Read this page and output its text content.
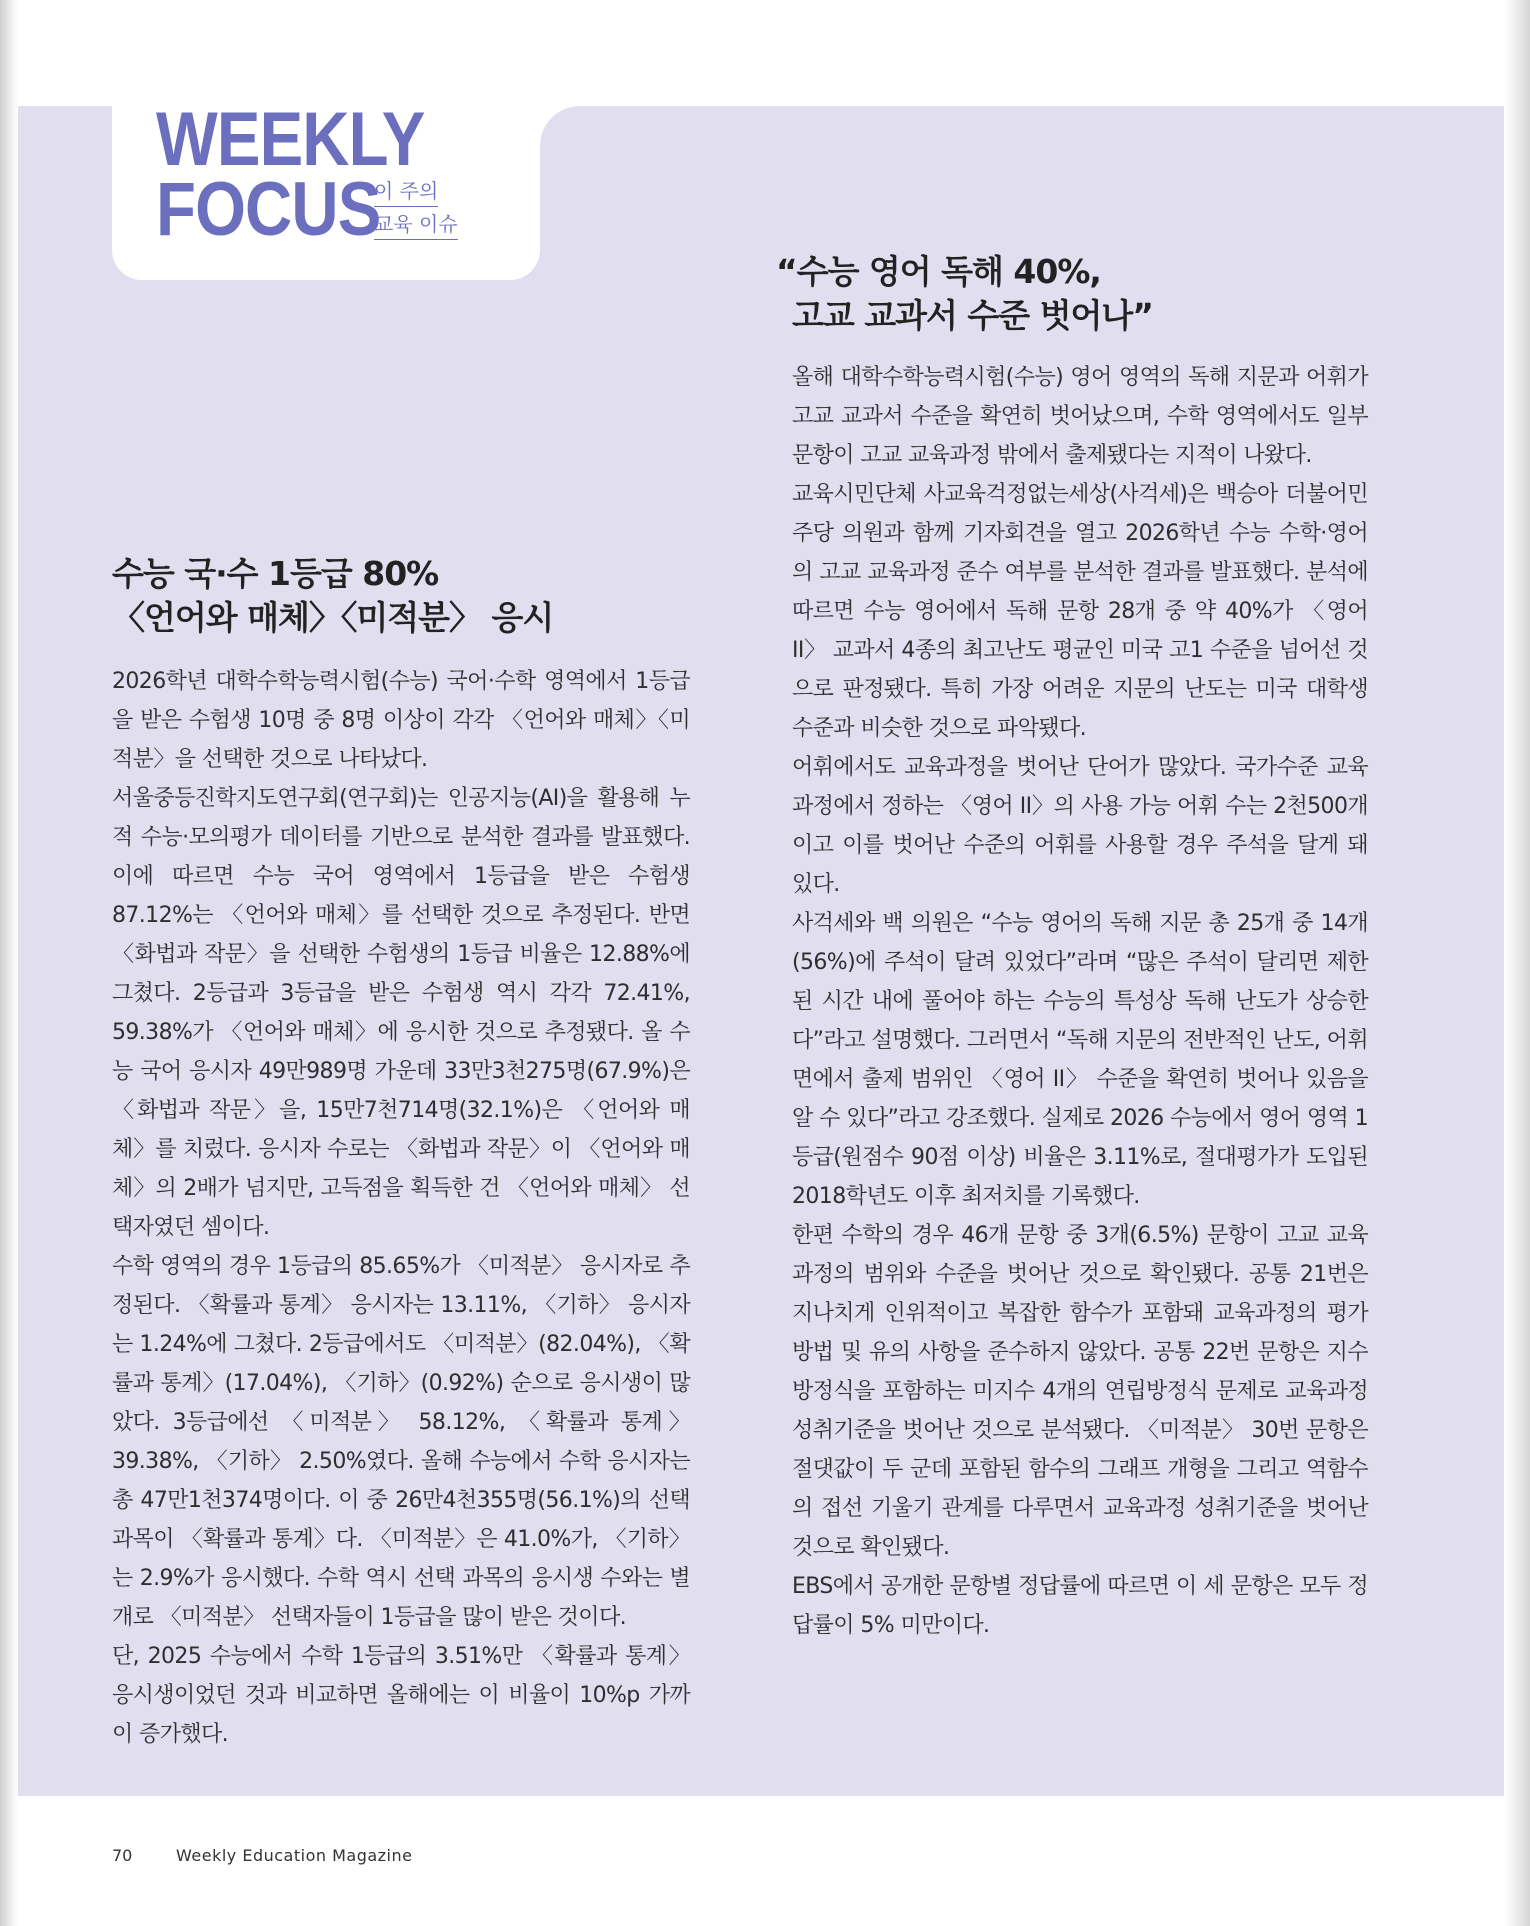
WEEKLY
FOCUS
이 주의
교육 이슈
수능 국·수 1등급 80%
〈언어와 매체〉〈미적분〉 응시

2026학년 대학수학능력시험(수능) 국어·수학 영역에서 1등급을 받은 수험생 10명 중 8명 이상이 각각 〈언어와 매체〉〈미적분〉을 선택한 것으로 나타났다.

서울중등진학지도연구회(연구회)는 인공지능(AI)을 활용해 누적 수능·모의평가 데이터를 기반으로 분석한 결과를 발표했다. 이에 따르면 수능 국어 영역에서 1등급을 받은 수험생 87.12%는 〈언어와 매체〉를 선택한 것으로 추정된다. 반면 〈화법과 작문〉을 선택한 수험생의 1등급 비율은 12.88%에 그쳤다. 2등급과 3등급을 받은 수험생 역시 각각 72.41%, 59.38%가 〈언어와 매체〉에 응시한 것으로 추정됐다. 올 수능 국어 응시자 49만989명 가운데 33만3천275명(67.9%)은 〈화법과 작문〉을, 15만7천714명(32.1%)은 〈언어와 매체〉를 치렀다. 응시자 수로는 〈화법과 작문〉이 〈언어와 매체〉의 2배가 넘지만, 고득점을 획득한 건 〈언어와 매체〉 선택자였던 셈이다.

수학 영역의 경우 1등급의 85.65%가 〈미적분〉 응시자로 추정된다. 〈확률과 통계〉 응시자는 13.11%, 〈기하〉 응시자는 1.24%에 그쳤다. 2등급에서도 〈미적분〉(82.04%), 〈확률과 통계〉(17.04%), 〈기하〉(0.92%) 순으로 응시생이 많았다. 3등급에선 〈미적분〉 58.12%, 〈확률과 통계〉 39.38%, 〈기하〉 2.50%였다. 올해 수능에서 수학 응시자는 총 47만1천374명이다. 이 중 26만4천355명(56.1%)의 선택 과목이 〈확률과 통계〉다. 〈미적분〉은 41.0%가, 〈기하〉는 2.9%가 응시했다. 수학 역시 선택 과목의 응시생 수와는 별개로 〈미적분〉 선택자들이 1등급을 많이 받은 것이다.

단, 2025 수능에서 수학 1등급의 3.51%만 〈확률과 통계〉 응시생이었던 것과 비교하면 올해에는 이 비율이 10%p 가까이 증가했다.

“수능 영어 독해 40%,
고교 교과서 수준 벗어나”

올해 대학수학능력시험(수능) 영어 영역의 독해 지문과 어휘가 고교 교과서 수준을 확연히 벗어났으며, 수학 영역에서도 일부 문항이 고교 교육과정 밖에서 출제됐다는 지적이 나왔다.

교육시민단체 사교육걱정없는세상(사걱세)은 백승아 더불어민주당 의원과 함께 기자회견을 열고 2026학년 수능 수학·영어의 고교 교육과정 준수 여부를 분석한 결과를 발표했다. 분석에 따르면 수능 영어에서 독해 문항 28개 중 약 40%가 〈영어 II〉 교과서 4종의 최고난도 평균인 미국 고1 수준을 넘어선 것으로 판정됐다. 특히 가장 어려운 지문의 난도는 미국 대학생 수준과 비슷한 것으로 파악됐다.

어휘에서도 교육과정을 벗어난 단어가 많았다. 국가수준 교육과정에서 정하는 〈영어 II〉의 사용 가능 어휘 수는 2천500개이고 이를 벗어난 수준의 어휘를 사용할 경우 주석을 달게 돼 있다.

사걱세와 백 의원은 “수능 영어의 독해 지문 총 25개 중 14개(56%)에 주석이 달려 있었다”라며 “많은 주석이 달리면 제한된 시간 내에 풀어야 하는 수능의 특성상 독해 난도가 상승한다”라고 설명했다. 그러면서 “독해 지문의 전반적인 난도, 어휘 면에서 출제 범위인 〈영어 II〉 수준을 확연히 벗어나 있음을 알 수 있다”라고 강조했다. 실제로 2026 수능에서 영어 영역 1등급(원점수 90점 이상) 비율은 3.11%로, 절대평가가 도입된 2018학년도 이후 최저치를 기록했다.

한편 수학의 경우 46개 문항 중 3개(6.5%) 문항이 고교 교육과정의 범위와 수준을 벗어난 것으로 확인됐다. 공통 21번은 지나치게 인위적이고 복잡한 함수가 포함돼 교육과정의 평가 방법 및 유의 사항을 준수하지 않았다. 공통 22번 문항은 지수 방정식을 포함하는 미지수 4개의 연립방정식 문제로 교육과정 성취기준을 벗어난 것으로 분석됐다. 〈미적분〉 30번 문항은 절댓값이 두 군데 포함된 함수의 그래프 개형을 그리고 역함수의 접선 기울기 관계를 다루면서 교육과정 성취기준을 벗어난 것으로 확인됐다.

EBS에서 공개한 문항별 정답률에 따르면 이 세 문항은 모두 정답률이 5% 미만이다.

70	Weekly Education Magazine
